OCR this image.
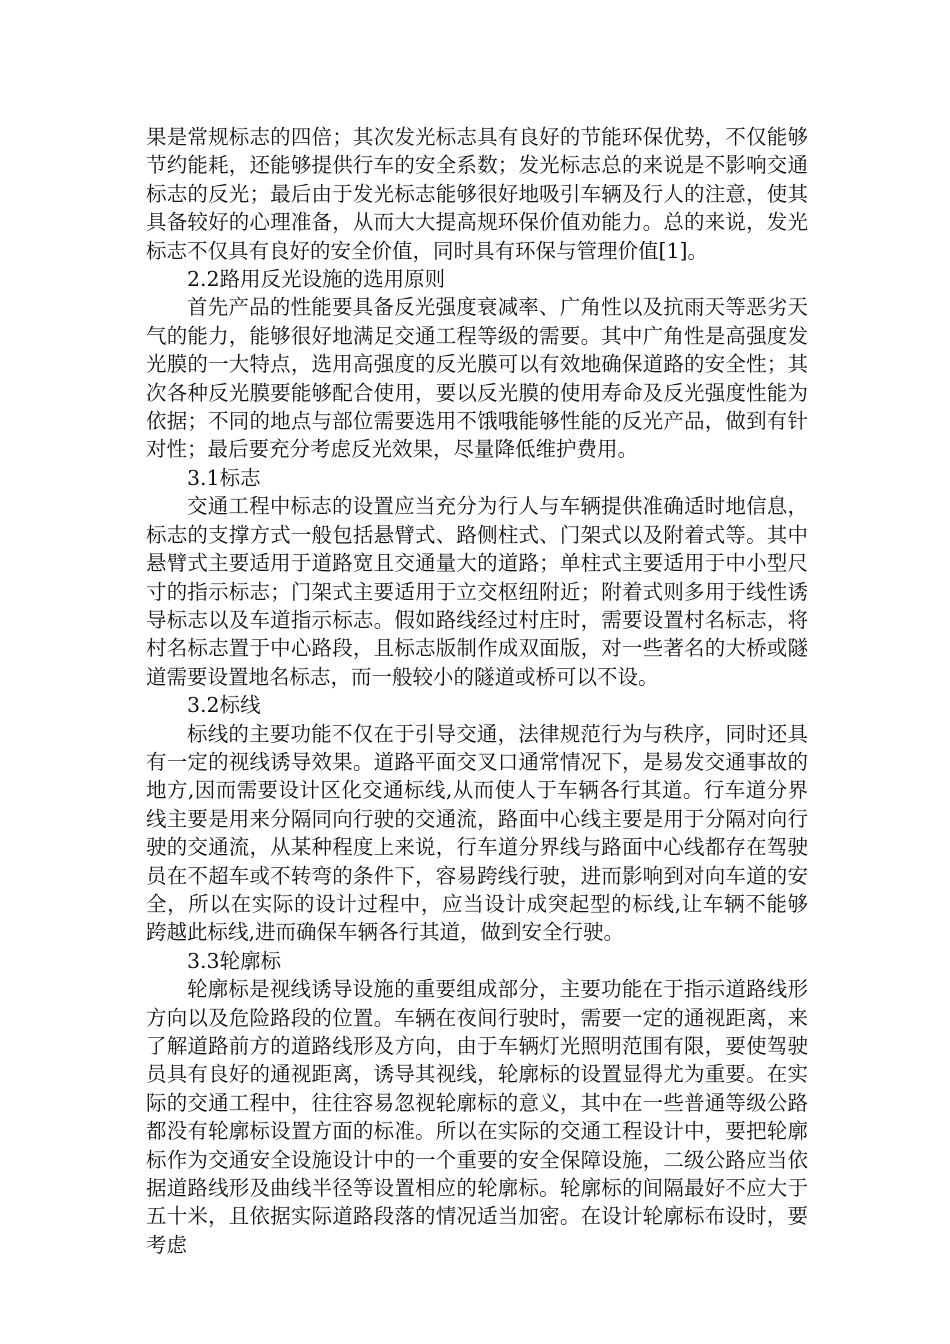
果是常规标志的四倍；其次发光标志具有良好的节能环保优势，不仅能够节约能耗，还能够提供行车的安全系数；发光标志总的来说是不影响交通标志的反光；最后由于发光标志能够很好地吸引车辆及行人的注意，使其具备较好的心理准备，从而大大提高规环保价值劝能力。总的来说，发光标志不仅具有良好的安全价值，同时具有环保与管理价值[1]。

2.2路用反光设施的选用原则

首先产品的性能要具备反光强度衰减率、广角性以及抗雨天等恶劣天气的能力，能够很好地满足交通工程等级的需要。其中广角性是高强度发光膜的一大特点，选用高强度的反光膜可以有效地确保道路的安全性；其次各种反光膜要能够配合使用，要以反光膜的使用寿命及反光强度性能为依据；不同的地点与部位需要选用不饿哦能够性能的反光产品，做到有针对性；最后要充分考虑反光效果，尽量降低维护费用。

3.1标志

交通工程中标志的设置应当充分为行人与车辆提供准确适时地信息，标志的支撑方式一般包括悬臂式、路侧柱式、门架式以及附着式等。其中悬臂式主要适用于道路宽且交通量大的道路；单柱式主要适用于中小型尺寸的指示标志；门架式主要适用于立交枢纽附近；附着式则多用于线性诱导标志以及车道指示标志。假如路线经过村庄时，需要设置村名标志，将村名标志置于中心路段，且标志版制作成双面版，对一些著名的大桥或隧道需要设置地名标志，而一般较小的隧道或桥可以不设。

3.2标线

标线的主要功能不仅在于引导交通，法律规范行为与秩序，同时还具有一定的视线诱导效果。道路平面交叉口通常情况下，是易发交通事故的地方,因而需要设计区化交通标线,从而使人于车辆各行其道。行车道分界线主要是用来分隔同向行驶的交通流，路面中心线主要是用于分隔对向行驶的交通流，从某种程度上来说，行车道分界线与路面中心线都存在驾驶员在不超车或不转弯的条件下，容易跨线行驶，进而影响到对向车道的安全，所以在实际的设计过程中，应当设计成突起型的标线,让车辆不能够跨越此标线,进而确保车辆各行其道，做到安全行驶。

3.3轮廓标

轮廓标是视线诱导设施的重要组成部分，主要功能在于指示道路线形方向以及危险路段的位置。车辆在夜间行驶时，需要一定的通视距离，来了解道路前方的道路线形及方向，由于车辆灯光照明范围有限，要使驾驶员具有良好的通视距离，诱导其视线，轮廓标的设置显得尤为重要。在实际的交通工程中，往往容易忽视轮廓标的意义，其中在一些普通等级公路都没有轮廓标设置方面的标准。所以在实际的交通工程设计中，要把轮廓标作为交通安全设施设计中的一个重要的安全保障设施，二级公路应当依据道路线形及曲线半径等设置相应的轮廓标。轮廓标的间隔最好不应大于五十米，且依据实际道路段落的情况适当加密。在设计轮廓标布设时，要考虑
